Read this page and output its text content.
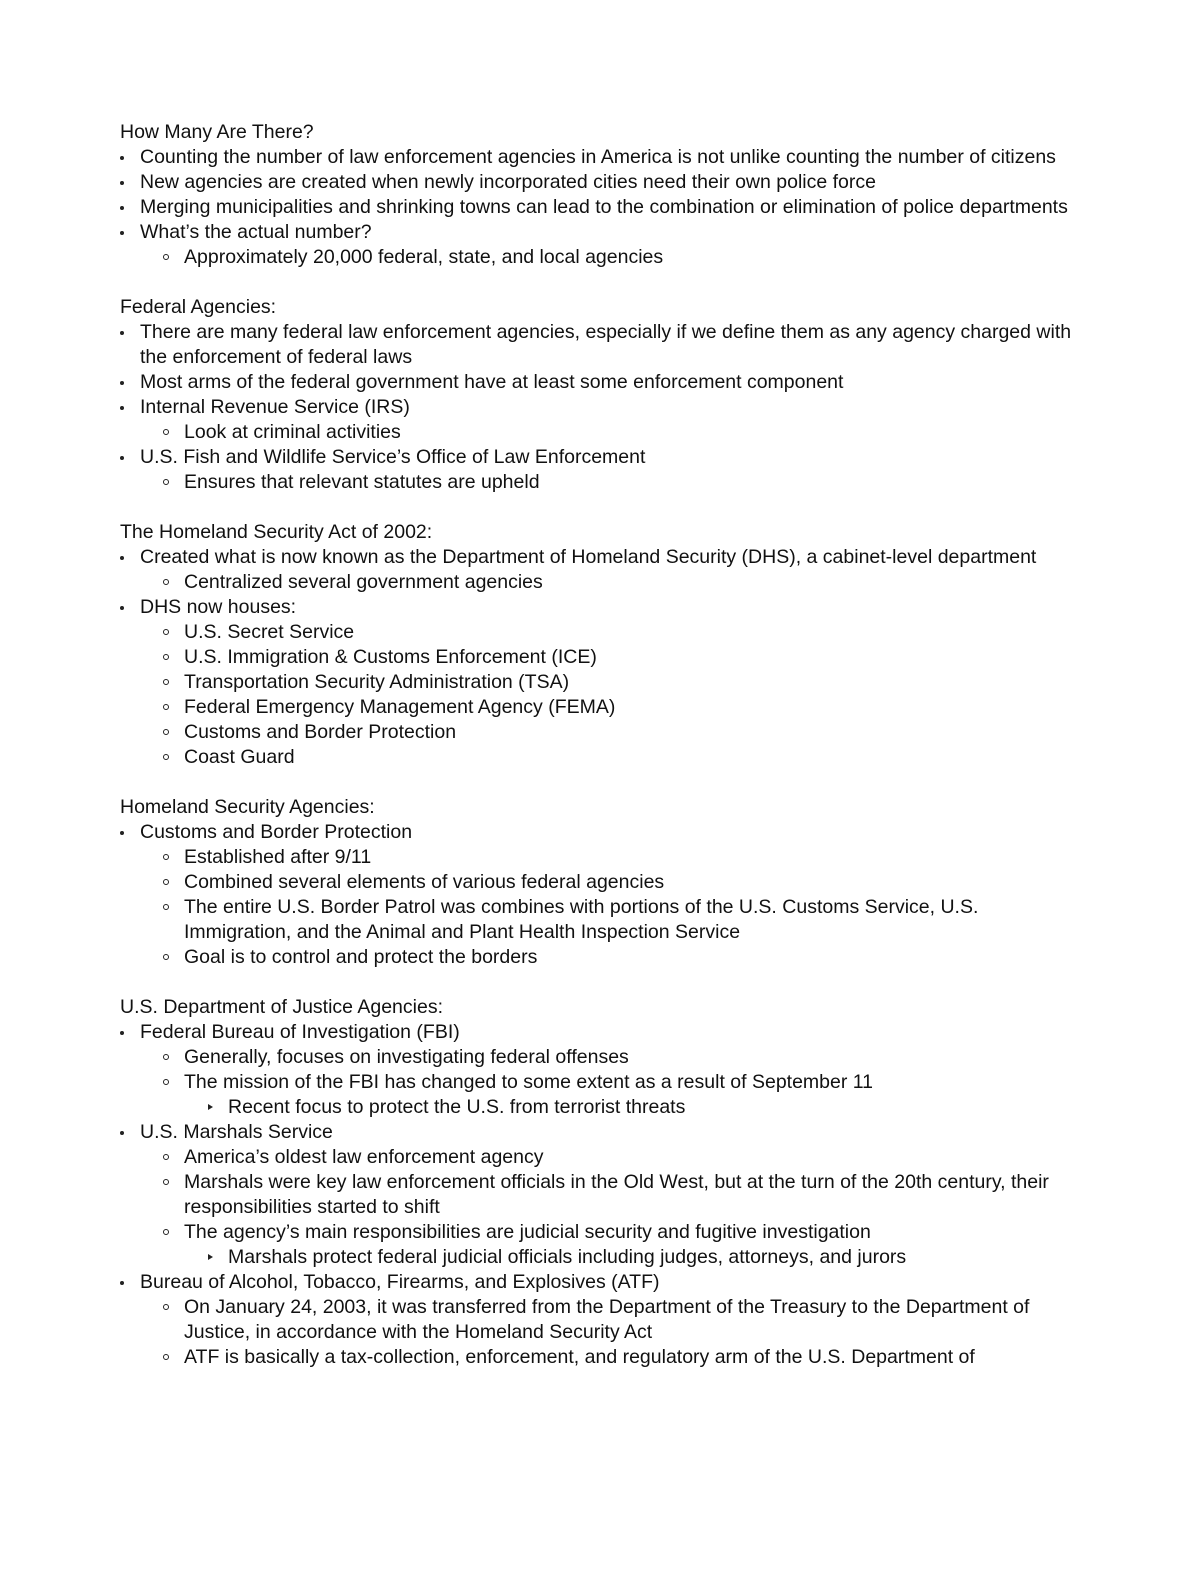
How Many Are There?
Counting the number of law enforcement agencies in America is not unlike counting the number of citizens
New agencies are created when newly incorporated cities need their own police force
Merging municipalities and shrinking towns can lead to the combination or elimination of police departments
What’s the actual number?
Approximately 20,000 federal, state, and local agencies
Federal Agencies:
There are many federal law enforcement agencies, especially if we define them as any agency charged with the enforcement of federal laws
Most arms of the federal government have at least some enforcement component
Internal Revenue Service (IRS)
Look at criminal activities
U.S. Fish and Wildlife Service’s Office of Law Enforcement
Ensures that relevant statutes are upheld
The Homeland Security Act of 2002:
Created what is now known as the Department of Homeland Security (DHS), a cabinet-level department
Centralized several government agencies
DHS now houses:
U.S. Secret Service
U.S. Immigration & Customs Enforcement (ICE)
Transportation Security Administration (TSA)
Federal Emergency Management Agency (FEMA)
Customs and Border Protection
Coast Guard
Homeland Security Agencies:
Customs and Border Protection
Established after 9/11
Combined several elements of various federal agencies
The entire U.S. Border Patrol was combines with portions of the U.S. Customs Service, U.S. Immigration, and the Animal and Plant Health Inspection Service
Goal is to control and protect the borders
U.S. Department of Justice Agencies:
Federal Bureau of Investigation (FBI)
Generally, focuses on investigating federal offenses
The mission of the FBI has changed to some extent as a result of September 11
Recent focus to protect the U.S. from terrorist threats
U.S. Marshals Service
America’s oldest law enforcement agency
Marshals were key law enforcement officials in the Old West, but at the turn of the 20th century, their responsibilities started to shift
The agency’s main responsibilities are judicial security and fugitive investigation
Marshals protect federal judicial officials including judges, attorneys, and jurors
Bureau of Alcohol, Tobacco, Firearms, and Explosives (ATF)
On January 24, 2003, it was transferred from the Department of the Treasury to the Department of Justice, in accordance with the Homeland Security Act
ATF is basically a tax-collection, enforcement, and regulatory arm of the U.S. Department of
